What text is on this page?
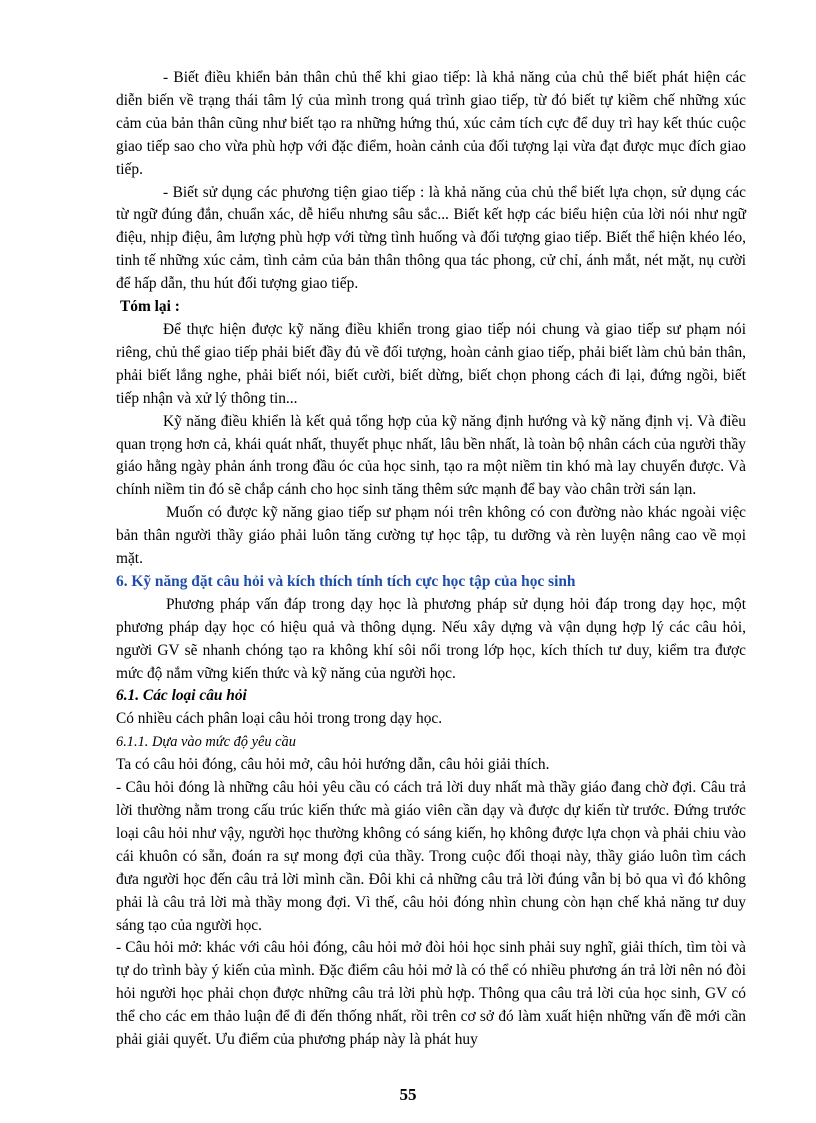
- Biết điều khiển bản thân chủ thể khi giao tiếp: là khả năng của chủ thể biết phát hiện các diễn biến về trạng thái tâm lý của mình trong quá trình giao tiếp, từ đó biết tự kiềm chế những xúc cảm của bản thân cũng như biết tạo ra những hứng thú, xúc cảm tích cực để duy trì hay kết thúc cuộc giao tiếp sao cho vừa phù hợp với đặc điểm, hoàn cảnh của đối tượng lại vừa đạt được mục đích giao tiếp.

- Biết sử dụng các phương tiện giao tiếp : là khả năng của chủ thể biết lựa chọn, sử dụng các từ ngữ đúng đắn, chuẩn xác, dễ hiểu nhưng sâu sắc... Biết kết hợp các biểu hiện của lời nói như ngữ điệu, nhịp điệu, âm lượng phù hợp với từng tình huống và đối tượng giao tiếp. Biết thể hiện khéo léo, tinh tế những xúc cảm, tình cảm của bản thân thông qua tác phong, cử chỉ, ánh mắt, nét mặt, nụ cười để hấp dẫn, thu hút đối tượng giao tiếp.

Tóm lại :

Để thực hiện được kỹ năng điều khiển trong giao tiếp nói chung và giao tiếp sư phạm nói riêng, chủ thể giao tiếp phải biết đầy đủ về đối tượng, hoàn cảnh giao tiếp, phải biết làm chủ bản thân, phải biết lắng nghe, phải biết nói, biết cười, biết dừng, biết chọn phong cách đi lại, đứng ngồi, biết tiếp nhận và xử lý thông tin...

Kỹ năng điều khiển là kết quả tổng hợp của kỹ năng định hướng và kỹ năng định vị. Và điều quan trọng hơn cả, khái quát nhất, thuyết phục nhất, lâu bền nhất, là toàn bộ nhân cách của người thầy giáo hằng ngày phản ánh trong đầu óc của học sinh, tạo ra một niềm tin khó mà lay chuyển được. Và chính niềm tin đó sẽ chắp cánh cho học sinh tăng thêm sức mạnh để bay vào chân trời sán lạn.

Muốn có được kỹ năng giao tiếp sư phạm nói trên không có con đường nào khác ngoài việc bản thân người thầy giáo phải luôn tăng cường tự học tập, tu dưỡng và rèn luyện nâng cao về mọi mặt.

6. Kỹ năng đặt câu hỏi và kích thích tính tích cực học tập của học sinh

Phương pháp vấn đáp trong dạy học là phương pháp sử dụng hỏi đáp trong dạy học, một phương pháp dạy học có hiệu quả và thông dụng. Nếu xây dựng và vận dụng hợp lý các câu hỏi, người GV sẽ nhanh chóng tạo ra không khí sôi nổi trong lớp học, kích thích tư duy, kiểm tra được mức độ nắm vững kiến thức và kỹ năng của người học.

6.1. Các loại câu hỏi

Có nhiều cách phân loại câu hỏi trong trong dạy học.

6.1.1. Dựa vào mức độ yêu cầu

Ta có câu hỏi đóng, câu hỏi mở, câu hỏi hướng dẫn, câu hỏi giải thích.

- Câu hỏi đóng là những câu hỏi yêu cầu có cách trả lời duy nhất mà thầy giáo đang chờ đợi. Câu trả lời thường nằm trong cấu trúc kiến thức mà giáo viên cần dạy và được dự kiến từ trước. Đứng trước loại câu hỏi như vậy, người học thường không có sáng kiến, họ không được lựa chọn và phải chiu vào cái khuôn có sẵn, đoán ra sự mong đợi của thầy. Trong cuộc đối thoại này, thầy giáo luôn tìm cách đưa người học đến câu trả lời mình cần. Đôi khi cả những câu trả lời đúng vẫn bị bỏ qua vì đó không phải là câu trả lời mà thầy mong đợi. Vì thế, câu hỏi đóng nhìn chung còn hạn chế khả năng tư duy sáng tạo của người học.

- Câu hỏi mở: khác với câu hỏi đóng, câu hỏi mở đòi hỏi học sinh phải suy nghĩ, giải thích, tìm tòi và tự do trình bày ý kiến của mình. Đặc điểm câu hỏi mở là có thể có nhiều phương án trả lời nên nó đòi hỏi người học phải chọn được những câu trả lời phù hợp. Thông qua câu trả lời của học sinh, GV có thể cho các em thảo luận để đi đến thống nhất, rồi trên cơ sở đó làm xuất hiện những vấn đề mới cần phải giải quyết. Ưu điểm của phương pháp này là phát huy

55
